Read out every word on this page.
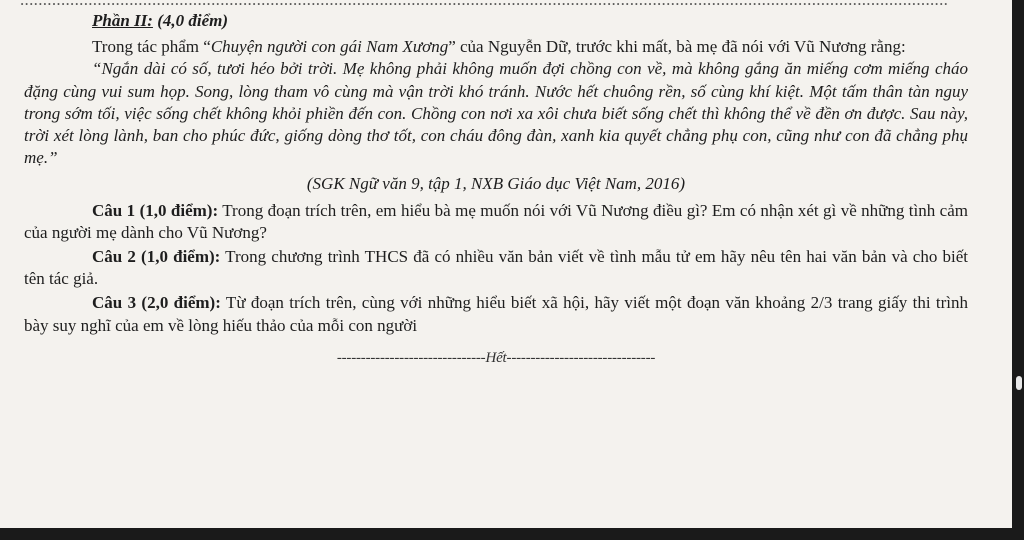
Phần II: (4,0 điểm)

Trong tác phẩm “Chuyện người con gái Nam Xương” của Nguyễn Dữ, trước khi mất, bà mẹ đã nói với Vũ Nương rằng:

“Ngắn dài có số, tươi héo bởi trời. Mẹ không phải không muốn đợi chồng con về, mà không gắng ăn miếng cơm miếng cháo đặng cùng vui sum họp. Song, lòng tham vô cùng mà vận trời khó tránh. Nước hết chuông rền, số cùng khí kiệt. Một tấm thân tàn nguy trong sớm tối, việc sống chết không khỏi phiền đến con. Chồng con nơi xa xôi chưa biết sống chết thì không thể về đền ơn được. Sau này, trời xét lòng lành, ban cho phúc đức, giống dòng thơ tốt, con cháu đông đàn, xanh kia quyết chẳng phụ con, cũng như con đã chẳng phụ mẹ.”

(SGK Ngữ văn 9, tập 1, NXB Giáo dục Việt Nam, 2016)

Câu 1 (1,0 điểm): Trong đoạn trích trên, em hiểu bà mẹ muốn nói với Vũ Nương điều gì? Em có nhận xét gì về những tình cảm của người mẹ dành cho Vũ Nương?

Câu 2 (1,0 điểm): Trong chương trình THCS đã có nhiều văn bản viết về tình mẫu tử em hãy nêu tên hai văn bản và cho biết tên tác giả.

Câu 3 (2,0 điểm): Từ đoạn trích trên, cùng với những hiểu biết xã hội, hãy viết một đoạn văn khoảng 2/3 trang giấy thi trình bày suy nghĩ của em về lòng hiếu thảo của mỗi con người

-------------------------------Hết-------------------------------
